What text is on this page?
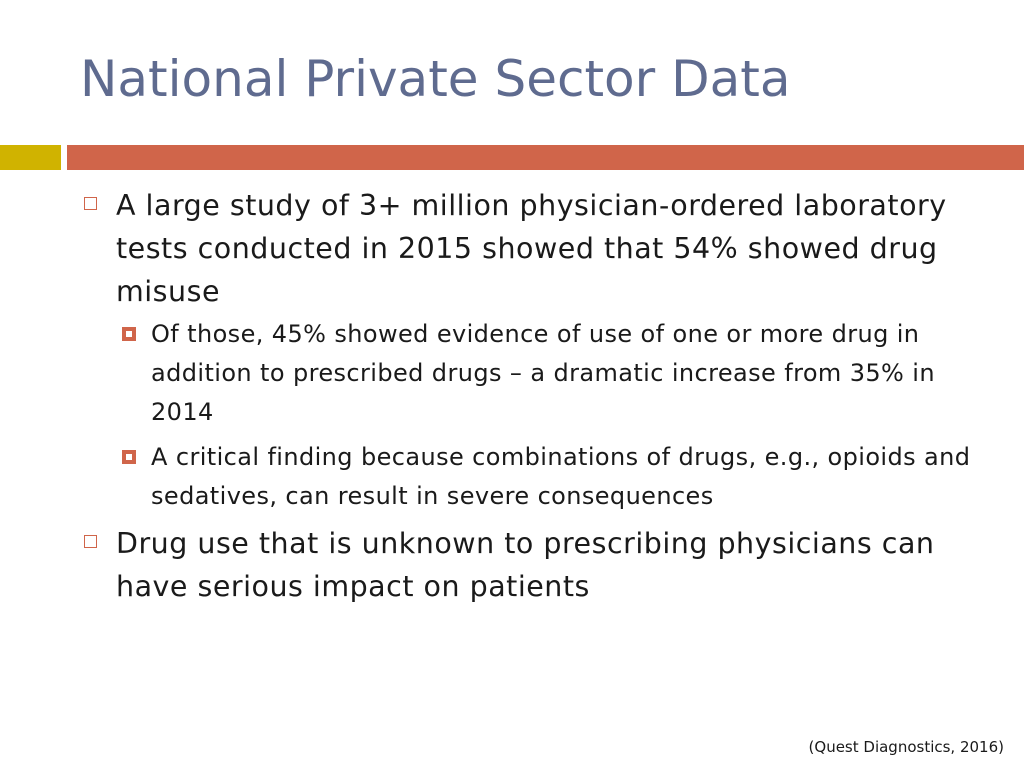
National Private Sector Data
A large study of 3+ million physician-ordered laboratory tests conducted in 2015 showed that 54% showed drug misuse
Of those, 45% showed evidence of use of one or more drug in addition to prescribed drugs – a dramatic increase from 35% in 2014
A critical finding because combinations of drugs, e.g., opioids and sedatives, can result in severe consequences
Drug use that is unknown to prescribing physicians can have serious impact on patients
(Quest Diagnostics, 2016)
